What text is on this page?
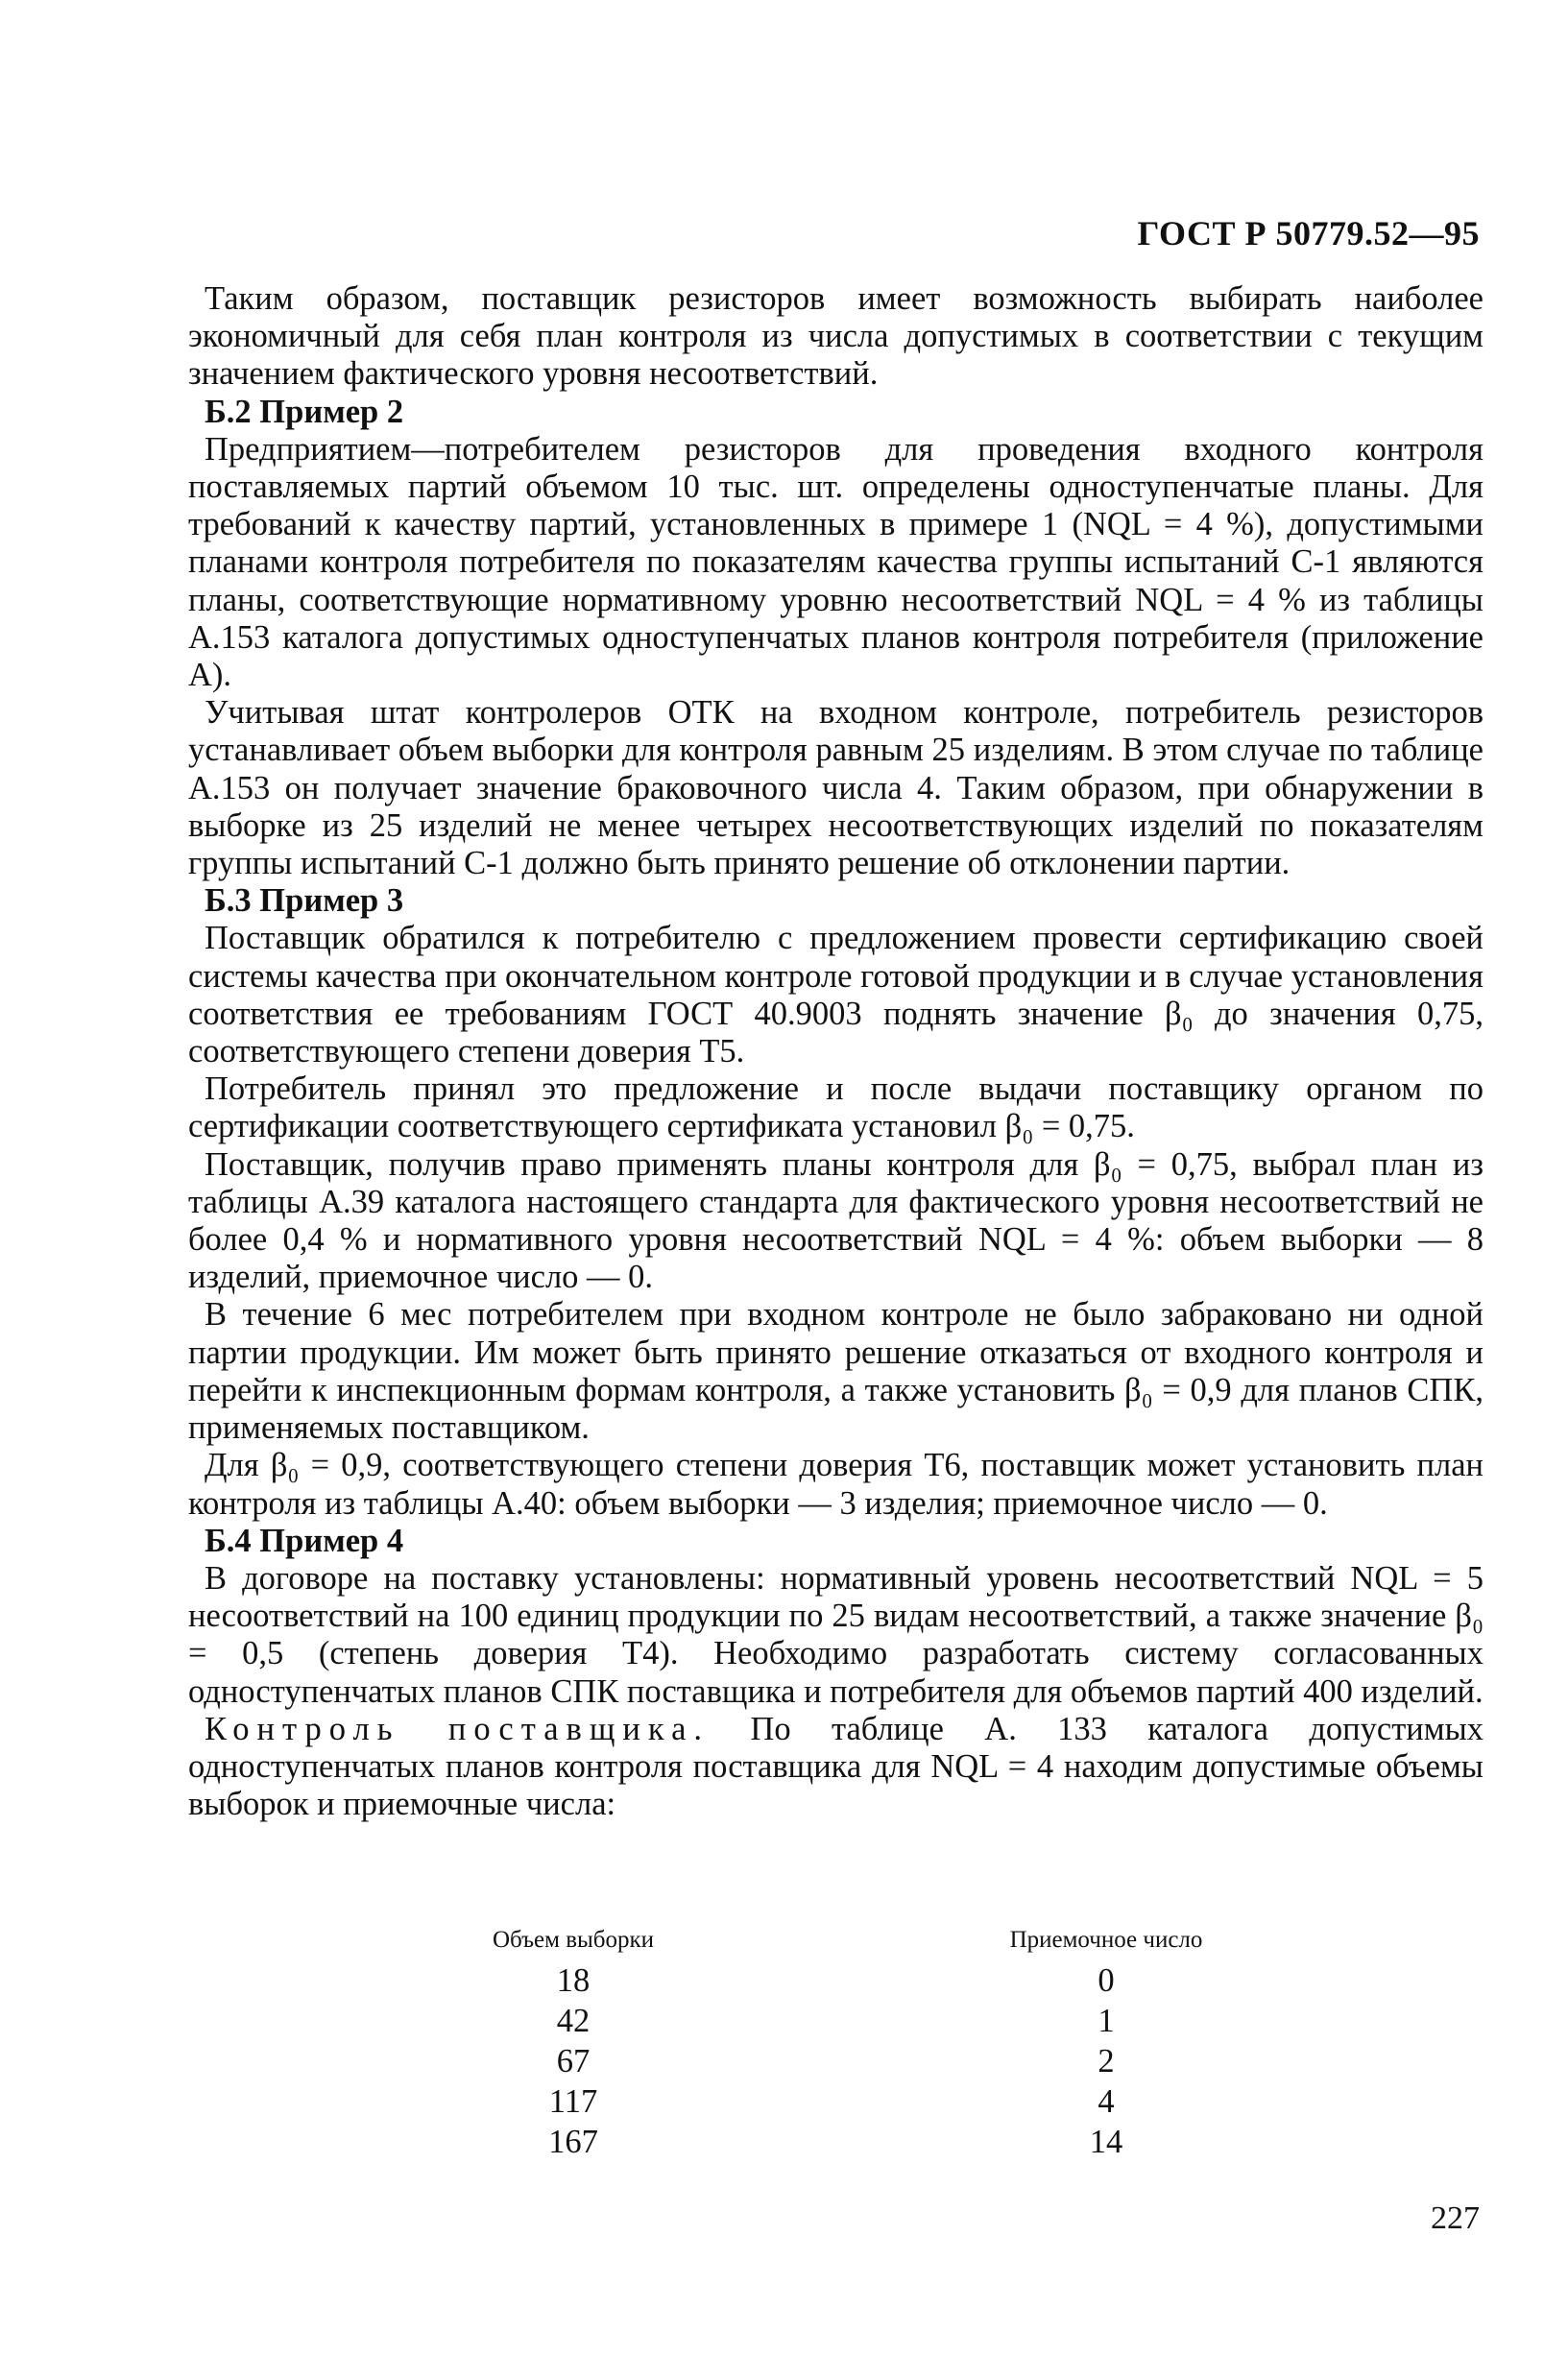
ГОСТ Р 50779.52—95

Таким образом, поставщик резисторов имеет возможность выбирать наиболее экономичный для себя план контроля из числа допустимых в соответствии с текущим значением фактического уровня несоответствий.

Б.2 Пример 2

Предприятием—потребителем резисторов для проведения входного контроля поставляемых партий объемом 10 тыс. шт. определены одноступенчатые планы. Для требований к качеству партий, установленных в примере 1 (NQL = 4 %), допустимыми планами контроля потребителя по показателям качества группы испытаний С-1 являются планы, соответствующие нормативному уровню несоответствий NQL = 4 % из таблицы А.153 каталога допустимых одноступенчатых планов контроля потребителя (приложение А).

Учитывая штат контролеров ОТК на входном контроле, потребитель резисторов устанавливает объем выборки для контроля равным 25 изделиям. В этом случае по таблице А.153 он получает значение браковочного числа 4. Таким образом, при обнаружении в выборке из 25 изделий не менее четырех несоответствующих изделий по показателям группы испытаний С-1 должно быть принято решение об отклонении партии.

Б.3 Пример 3

Поставщик обратился к потребителю с предложением провести сертификацию своей системы качества при окончательном контроле готовой продукции и в случае установления соответствия ее требованиям ГОСТ 40.9003 поднять значение β₀ до значения 0,75, соответствующего степени доверия Т5.

Потребитель принял это предложение и после выдачи поставщику органом по сертификации соответствующего сертификата установил β₀ = 0,75.

Поставщик, получив право применять планы контроля для β₀ = 0,75, выбрал план из таблицы А.39 каталога настоящего стандарта для фактического уровня несоответствий не более 0,4 % и нормативного уровня несоответствий NQL = 4 %: объем выборки — 8 изделий, приемочное число — 0.

В течение 6 мес потребителем при входном контроле не было забраковано ни одной партии продукции. Им может быть принято решение отказаться от входного контроля и перейти к инспекционным формам контроля, а также установить β₀ = 0,9 для планов СПК, применяемых поставщиком.

Для β₀ = 0,9, соответствующего степени доверия Т6, поставщик может установить план контроля из таблицы А.40: объем выборки — 3 изделия; приемочное число — 0.

Б.4 Пример 4

В договоре на поставку установлены: нормативный уровень несоответствий NQL = 5 несоответствий на 100 единиц продукции по 25 видам несоответствий, а также значение β₀ = 0,5 (степень доверия Т4). Необходимо разработать систему согласованных одноступенчатых планов СПК поставщика и потребителя для объемов партий 400 изделий.

Контроль поставщика. По таблице А. 133 каталога допустимых одноступенчатых планов контроля поставщика для NQL = 4 находим допустимые объемы выборок и приемочные числа:

Объем выборки	Приемочное число
18	0
42	1
67	2
117	4
167	14
227
